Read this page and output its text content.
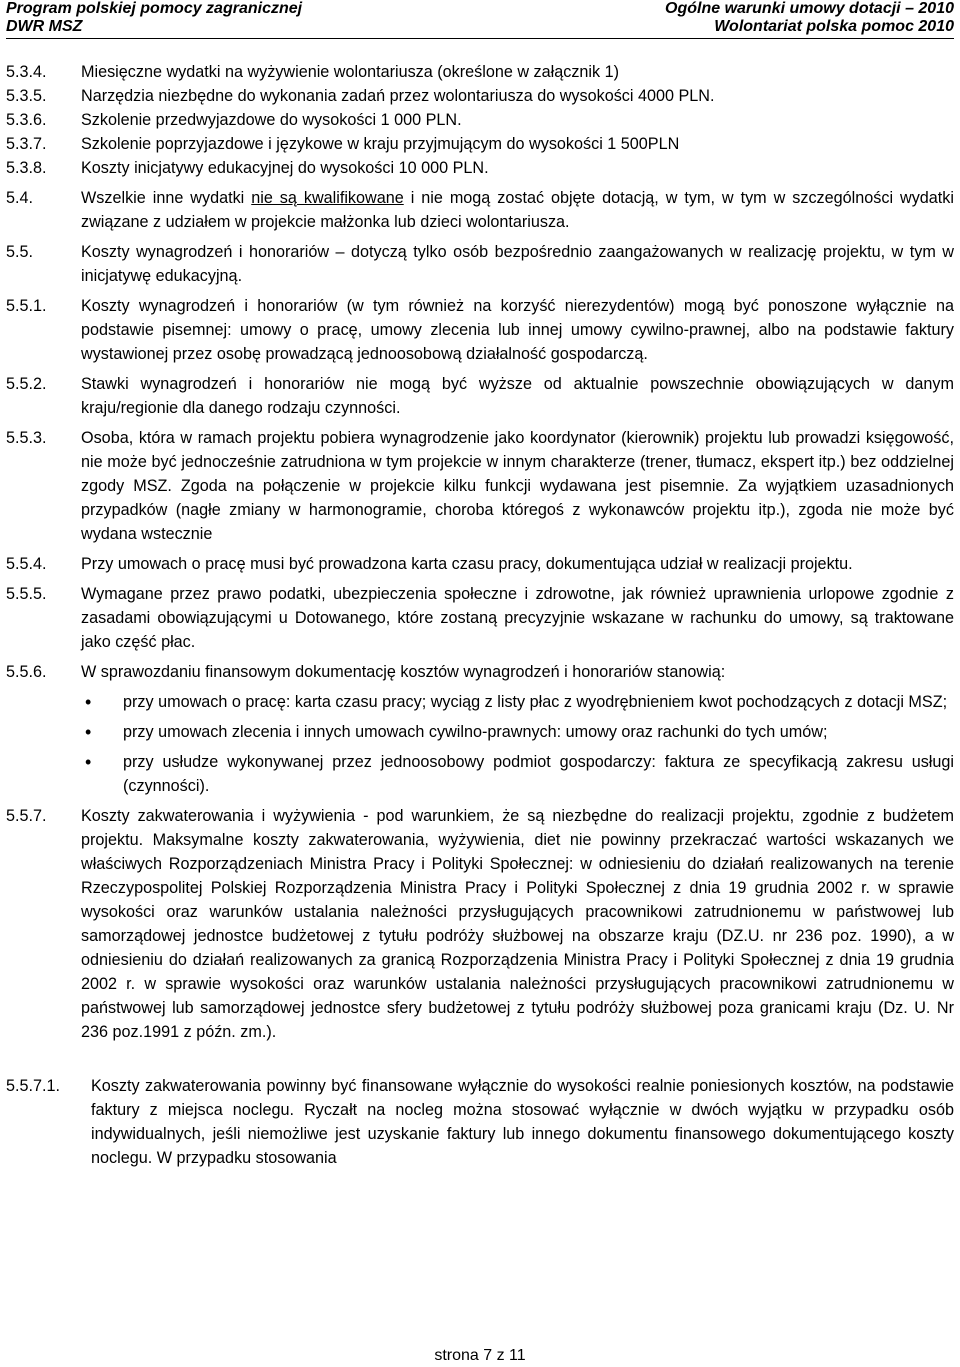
Program polskiej pomocy zagranicznej
DWR MSZ
Ogólne warunki umowy dotacji – 2010
Wolontariat polska pomoc 2010
5.3.4.	Miesięczne wydatki na wyżywienie wolontariusza (określone w załącznik 1)
5.3.5.	Narzędzia niezbędne do wykonania zadań przez wolontariusza do wysokości 4000 PLN.
5.3.6.	Szkolenie przedwyjazdowe do wysokości 1 000 PLN.
5.3.7.	Szkolenie poprzyjazdowe i językowe w kraju przyjmującym do wysokości 1 500PLN
5.3.8.	Koszty inicjatywy edukacyjnej do wysokości 10 000 PLN.
5.4.	Wszelkie inne wydatki nie są kwalifikowane i nie mogą zostać objęte dotacją, w tym, w tym w szczególności wydatki związane z udziałem w projekcie małżonka lub dzieci wolontariusza.
5.5.	Koszty wynagrodzeń i honorariów – dotyczą tylko osób bezpośrednio zaangażowanych w realizację projektu, w tym w inicjatywę edukacyjną.
5.5.1.	Koszty wynagrodzeń i honorariów (w tym również na korzyść nierezydentów) mogą być ponoszone wyłącznie na podstawie pisemnej: umowy o pracę, umowy zlecenia lub innej umowy cywilno-prawnej, albo na podstawie faktury wystawionej przez osobę prowadzącą jednoosobową działalność gospodarczą.
5.5.2.	Stawki wynagrodzeń i honorariów nie mogą być wyższe od aktualnie powszechnie obowiązujących w danym kraju/regionie dla danego rodzaju czynności.
5.5.3.	Osoba, która w ramach projektu pobiera wynagrodzenie jako koordynator (kierownik) projektu lub prowadzi księgowość, nie może być jednocześnie zatrudniona w tym projekcie w innym charakterze (trener, tłumacz, ekspert itp.) bez oddzielnej zgody MSZ. Zgoda na połączenie w projekcie kilku funkcji wydawana jest pisemnie. Za wyjątkiem uzasadnionych przypadków (nagłe zmiany w harmonogramie, choroba któregoś z wykonawców projektu itp.), zgoda nie może być wydana wstecznie
5.5.4.	Przy umowach o pracę musi być prowadzona karta czasu pracy, dokumentująca udział w realizacji projektu.
5.5.5.	Wymagane przez prawo podatki, ubezpieczenia społeczne i zdrowotne, jak również uprawnienia urlopowe zgodnie z zasadami obowiązującymi u Dotowanego, które zostaną precyzyjnie wskazane w rachunku do umowy, są traktowane jako część płac.
5.5.6.	W sprawozdaniu finansowym dokumentację kosztów wynagrodzeń i honorariów stanowią:
• przy umowach o pracę: karta czasu pracy; wyciąg z listy płac z wyodrębnieniem kwot pochodzących z dotacji MSZ;
• przy umowach zlecenia i innych umowach cywilno-prawnych: umowy oraz rachunki do tych umów;
• przy usłudze wykonywanej przez jednoosobowy podmiot gospodarczy: faktura ze specyfikacją zakresu usługi (czynności).
5.5.7.	Koszty zakwaterowania i wyżywienia - pod warunkiem, że są niezbędne do realizacji projektu, zgodnie z budżetem projektu. Maksymalne koszty zakwaterowania, wyżywienia, diet nie powinny przekraczać wartości wskazanych we właściwych Rozporządzeniach Ministra Pracy i Polityki Społecznej: w odniesieniu do działań realizowanych na terenie Rzeczypospolitej Polskiej Rozporządzenia Ministra Pracy i Polityki Społecznej z dnia 19 grudnia 2002 r. w sprawie wysokości oraz warunków ustalania należności przysługujących pracownikowi zatrudnionemu w państwowej lub samorządowej jednostce budżetowej z tytułu podróży służbowej na obszarze kraju (DZ.U. nr 236 poz. 1990), a w odniesieniu do działań realizowanych za granicą Rozporządzenia Ministra Pracy i Polityki Społecznej z dnia 19 grudnia 2002 r. w sprawie wysokości oraz warunków ustalania należności przysługujących pracownikowi zatrudnionemu w państwowej lub samorządowej jednostce sfery budżetowej z tytułu podróży służbowej poza granicami kraju (Dz. U. Nr 236 poz.1991 z późn. zm.).
5.5.7.1.	Koszty zakwaterowania powinny być finansowane wyłącznie do wysokości realnie poniesionych kosztów, na podstawie faktury z miejsca noclegu. Ryczałt na nocleg można stosować wyłącznie w dwóch wyjątku w przypadku osób indywidualnych, jeśli niemożliwe jest uzyskanie faktury lub innego dokumentu finansowego dokumentującego koszty noclegu. W przypadku stosowania
strona 7 z 11
